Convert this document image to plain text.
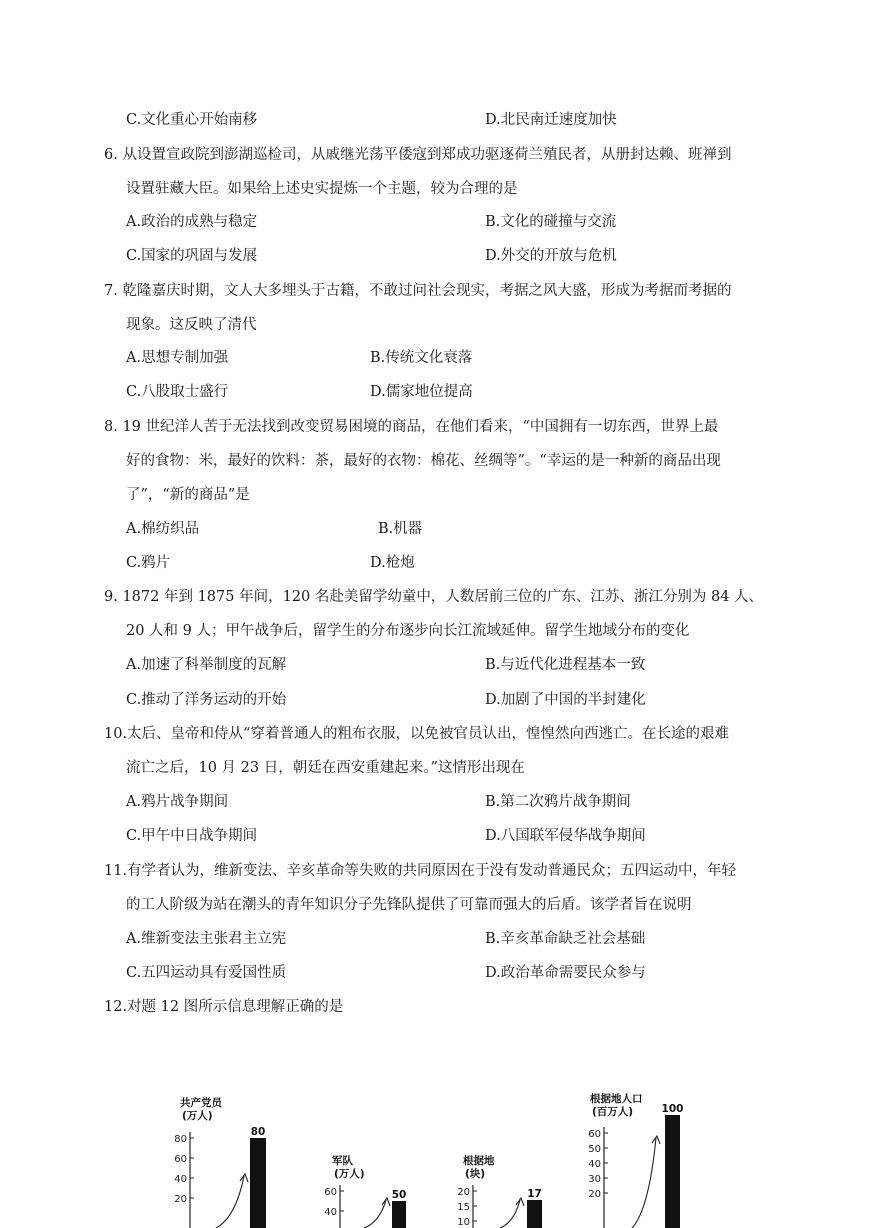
C.文化重心开始南移	D.北民南迁速度加快
6. 从设置宣政院到澎湖巡检司，从戚继光荡平倭寇到郑成功驱逐荷兰殖民者，从册封达赖、班禅到
设置驻藏大臣。如果给上述史实提炼一个主题，较为合理的是
A.政治的成熟与稳定	B.文化的碰撞与交流
C.国家的巩固与发展	D.外交的开放与危机
7. 乾隆嘉庆时期，文人大多埋头于古籍，不敢过问社会现实，考据之风大盛，形成为考据而考据的
现象。这反映了清代
A.思想专制加强	B.传统文化衰落
C.八股取士盛行	D.儒家地位提高
8. 19 世纪洋人苦于无法找到改变贸易困境的商品，在他们看来，“中国拥有一切东西，世界上最
好的食物：米，最好的饮料：茶，最好的衣物：棉花、丝绸等”。“幸运的是一种新的商品出现
了”，“新的商品”是
A.棉纺织品	B.机器
C.鸦片	D.枪炮
9. 1872 年到 1875 年间，120 名赴美留学幼童中，人数居前三位的广东、江苏、浙江分别为 84 人、
20 人和 9 人；甲午战争后，留学生的分布逐步向长江流域延伸。留学生地域分布的变化
A.加速了科举制度的瓦解	B.与近代化进程基本一致
C.推动了洋务运动的开始	D.加剧了中国的半封建化
10.太后、皇帝和侍从“穿着普通人的粗布衣服，以免被官员认出，惶惶然向西逃亡。在长途的艰难
流亡之后，10 月 23 日，朝廷在西安重建起来。”这情形出现在
A.鸦片战争期间	B.第二次鸦片战争期间
C.甲午中日战争期间	D.八国联军侵华战争期间
11.有学者认为，维新变法、辛亥革命等失败的共同原因在于没有发动普通民众；五四运动中，年轻
的工人阶级为站在潮头的青年知识分子先锋队提供了可靠而强大的后盾。该学者旨在说明
A.维新变法主张君主立宪	B.辛亥革命缺乏社会基础
C.五四运动具有爱国性质	D.政治革命需要民众参与
12.对题 12 图所示信息理解正确的是
共产党员
(万人)
80
60
40
20
80
军队
(万人)
60
40
50
根据地
(块)
20
15
10
17
根据地人口
(百万人)
60
50
40
30
20
100
